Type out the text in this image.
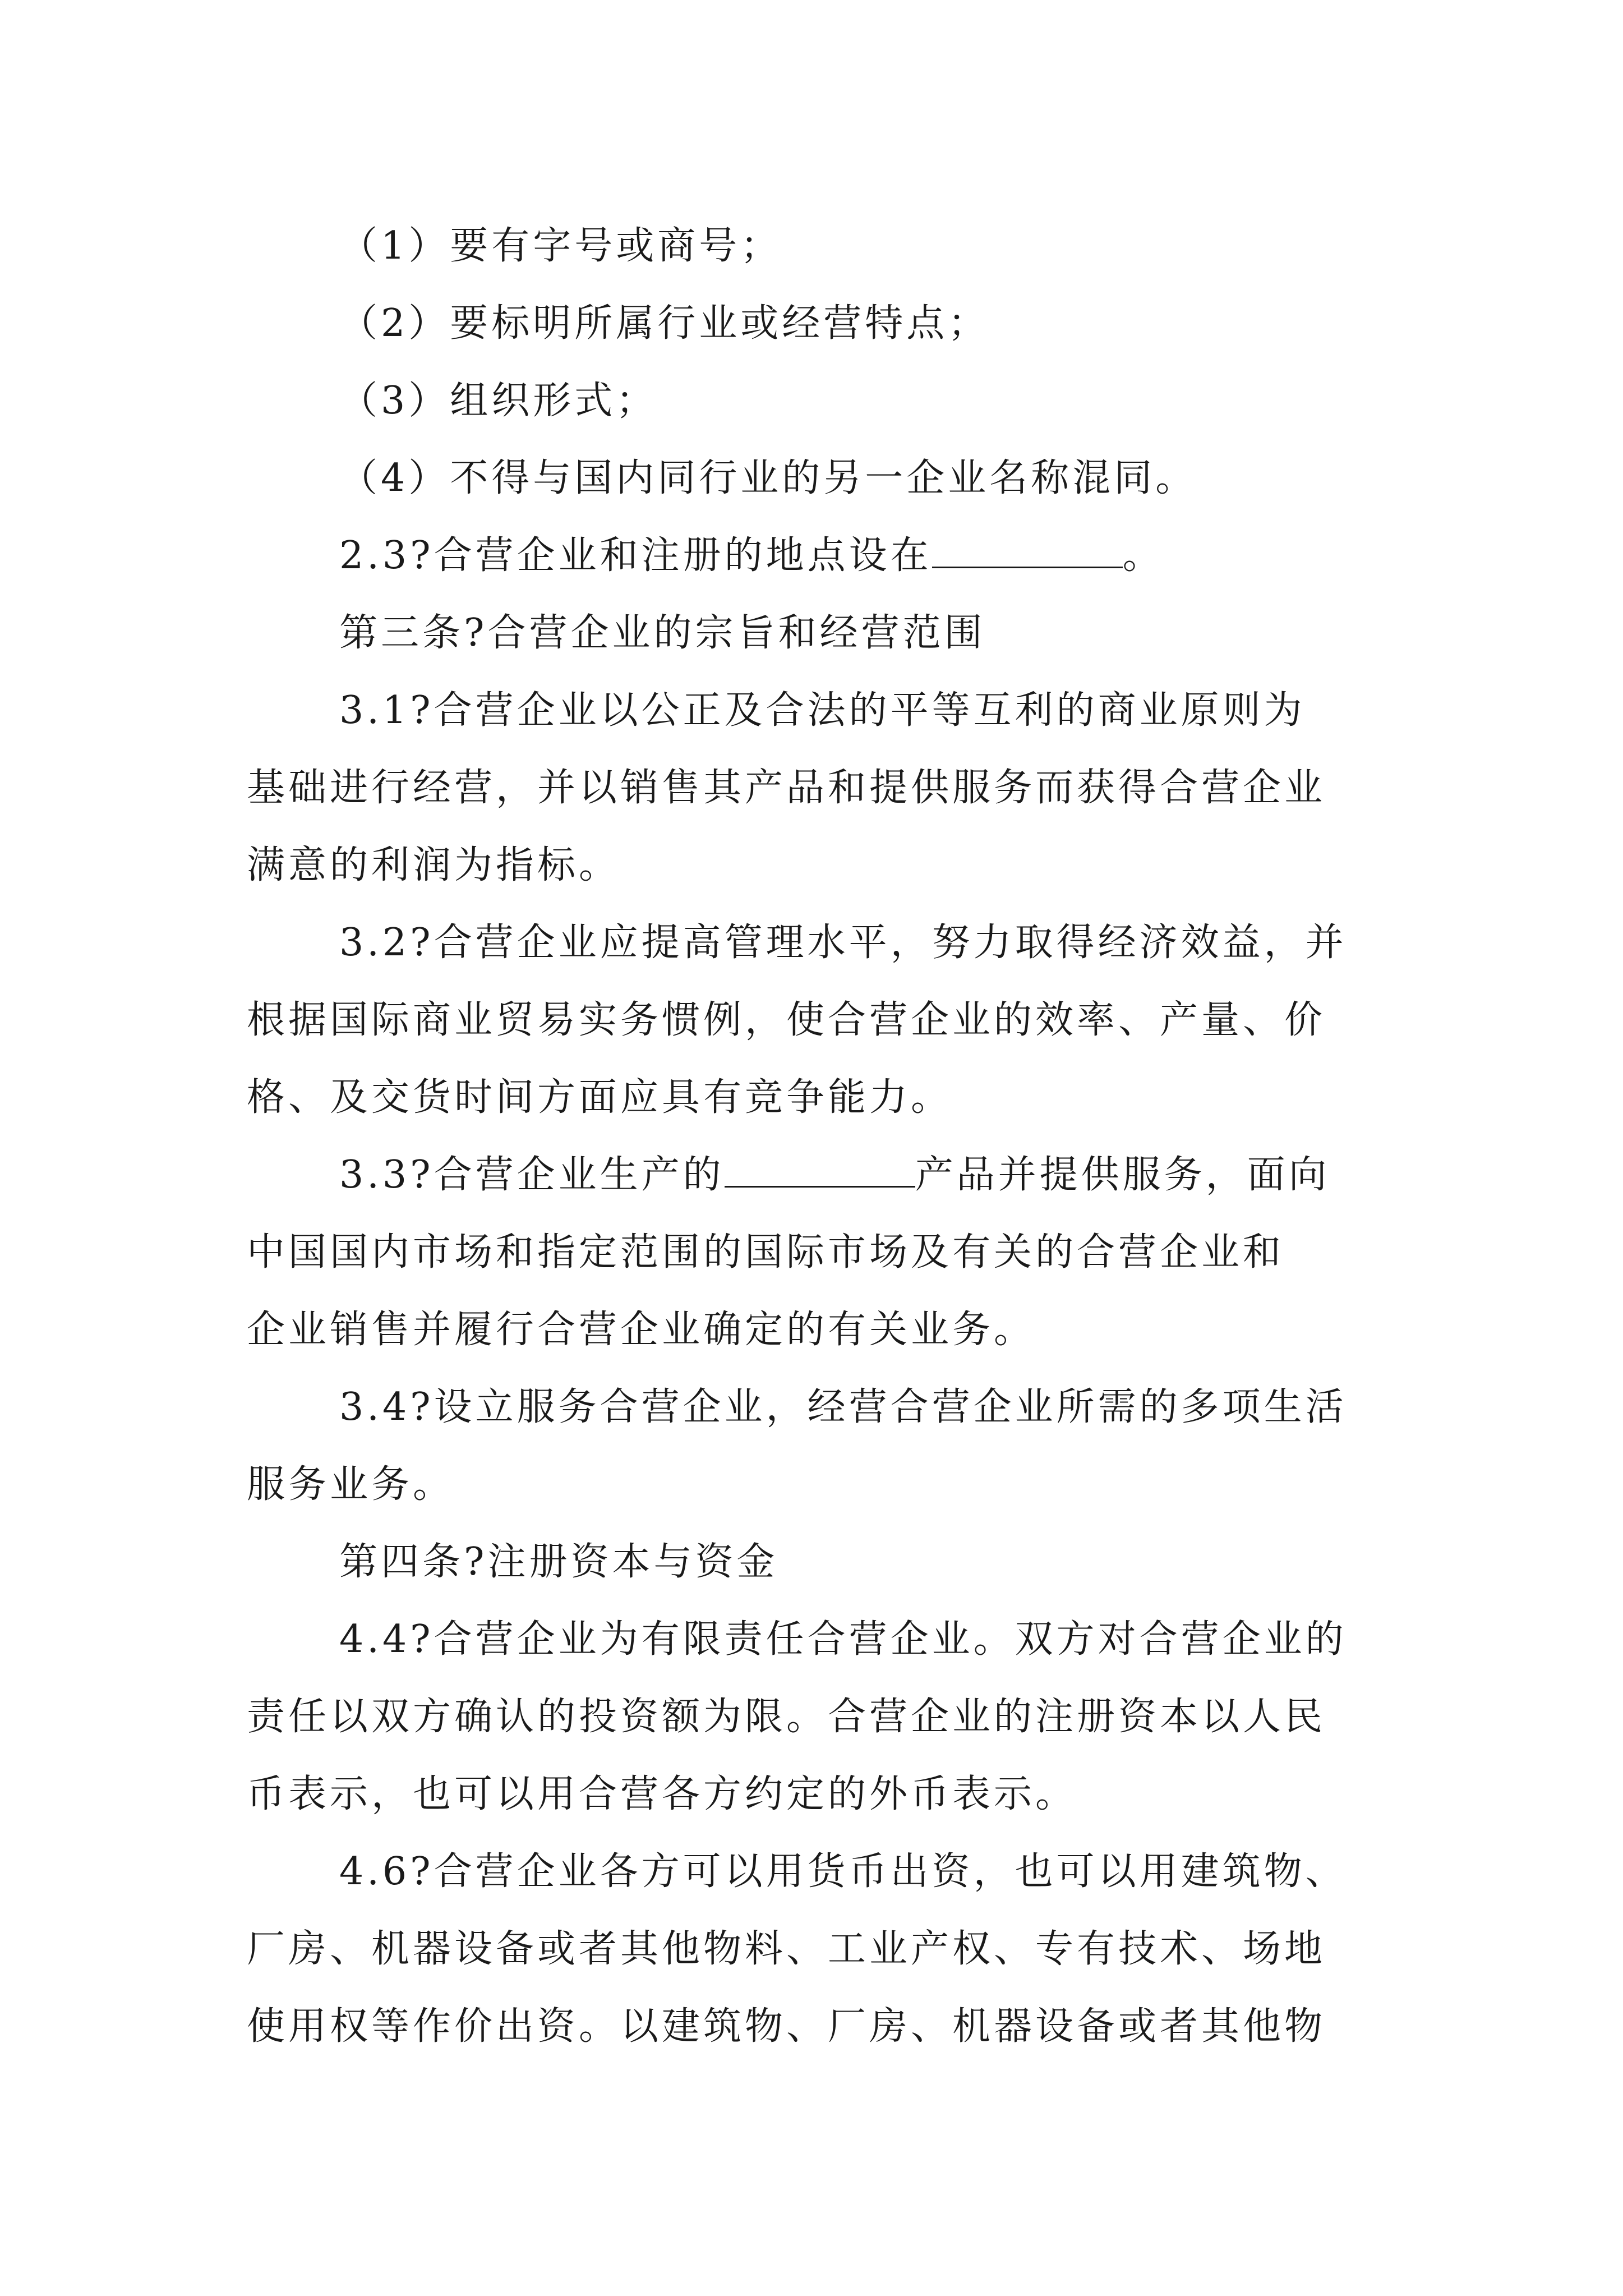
（1）要有字号或商号；
（2）要标明所属行业或经营特点；
（3）组织形式；
（4）不得与国内同行业的另一企业名称混同。
2.3?合营企业和注册的地点设在	。
第三条?合营企业的宗旨和经营范围
3.1?合营企业以公正及合法的平等互利的商业原则为
基础进行经营，并以销售其产品和提供服务而获得合营企业
满意的利润为指标。
3.2?合营企业应提高管理水平，努力取得经济效益，并
根据国际商业贸易实务惯例，使合营企业的效率、产量、价
格、及交货时间方面应具有竞争能力。
3.3?合营企业生产的	产品并提供服务，面向
中国国内市场和指定范围的国际市场及有关的合营企业和
企业销售并履行合营企业确定的有关业务。
3.4?设立服务合营企业，经营合营企业所需的多项生活
服务业务。
第四条?注册资本与资金
4.4?合营企业为有限责任合营企业。双方对合营企业的
责任以双方确认的投资额为限。合营企业的注册资本以人民
币表示，也可以用合营各方约定的外币表示。
4.6?合营企业各方可以用货币出资，也可以用建筑物、
厂房、机器设备或者其他物料、工业产权、专有技术、场地
使用权等作价出资。以建筑物、厂房、机器设备或者其他物
